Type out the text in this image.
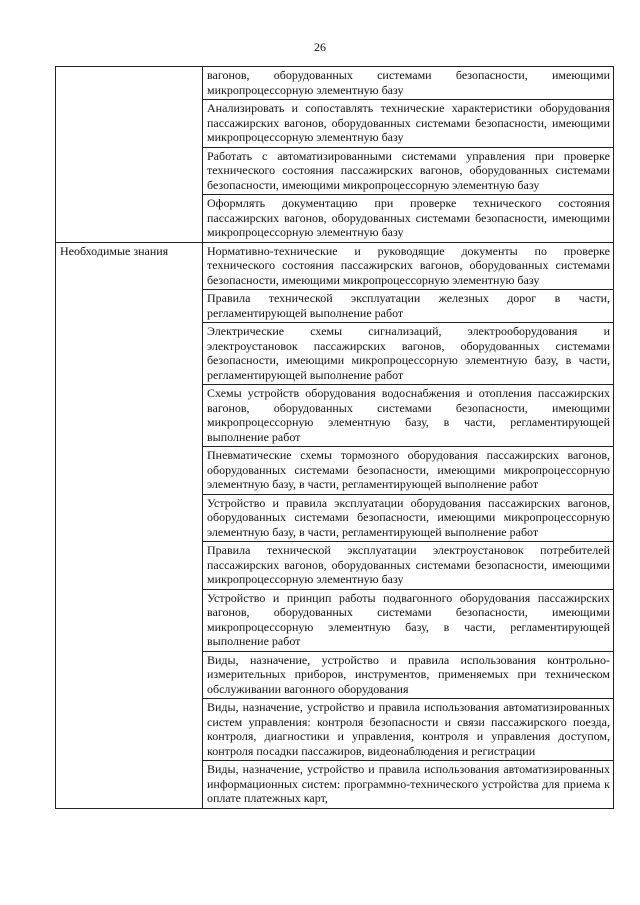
26
	вагонов, оборудованных системами безопасности, имеющими микропроцессорную элементную базу
	Анализировать и сопоставлять технические характеристики оборудования пассажирских вагонов, оборудованных системами безопасности, имеющими микропроцессорную элементную базу
	Работать с автоматизированными системами управления при проверке технического состояния пассажирских вагонов, оборудованных системами безопасности, имеющими микропроцессорную элементную базу
	Оформлять документацию при проверке технического состояния пассажирских вагонов, оборудованных системами безопасности, имеющими микропроцессорную элементную базу
Необходимые знания	Нормативно-технические и руководящие документы по проверке технического состояния пассажирских вагонов, оборудованных системами безопасности, имеющими микропроцессорную элементную базу
	Правила технической эксплуатации железных дорог в части, регламентирующей выполнение работ
	Электрические схемы сигнализаций, электрооборудования и электроустановок пассажирских вагонов, оборудованных системами безопасности, имеющими микропроцессорную элементную базу, в части, регламентирующей выполнение работ
	Схемы устройств оборудования водоснабжения и отопления пассажирских вагонов, оборудованных системами безопасности, имеющими микропроцессорную элементную базу, в части, регламентирующей выполнение работ
	Пневматические схемы тормозного оборудования пассажирских вагонов, оборудованных системами безопасности, имеющими микропроцессорную элементную базу, в части, регламентирующей выполнение работ
	Устройство и правила эксплуатации оборудования пассажирских вагонов, оборудованных системами безопасности, имеющими микропроцессорную элементную базу, в части, регламентирующей выполнение работ
	Правила технической эксплуатации электроустановок потребителей пассажирских вагонов, оборудованных системами безопасности, имеющими микропроцессорную элементную базу
	Устройство и принцип работы подвагонного оборудования пассажирских вагонов, оборудованных системами безопасности, имеющими микропроцессорную элементную базу, в части, регламентирующей выполнение работ
	Виды, назначение, устройство и правила использования контрольно-измерительных приборов, инструментов, применяемых при техническом обслуживании вагонного оборудования
	Виды, назначение, устройство и правила использования автоматизированных систем управления: контроля безопасности и связи пассажирского поезда, контроля, диагностики и управления, контроля и управления доступом, контроля посадки пассажиров, видеонаблюдения и регистрации
	Виды, назначение, устройство и правила использования автоматизированных информационных систем: программно-технического устройства для приема к оплате платежных карт,
